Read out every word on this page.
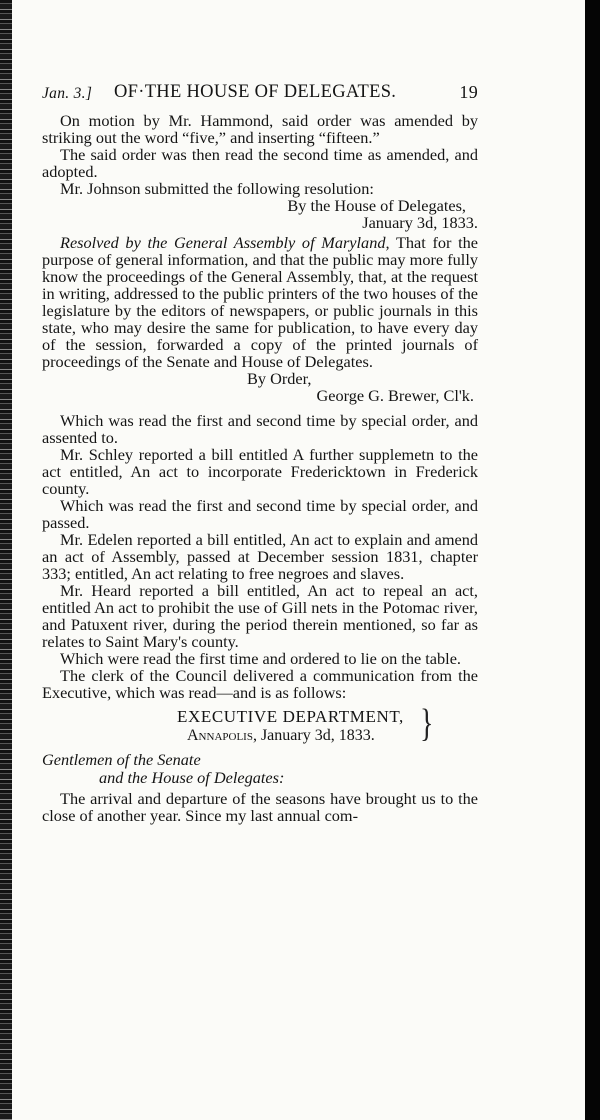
Jan. 3.] OF·THE HOUSE OF DELEGATES.	19

On motion by Mr. Hammond, said order was amended by striking out the word “five,” and inserting “fifteen.”

The said order was then read the second time as amended, and adopted.

Mr. Johnson submitted the following resolution:

By the House of Delegates,

January 3d, 1833.

Resolved by the General Assembly of Maryland, That for the purpose of general information, and that the public may more fully know the proceedings of the General Assembly, that, at the request in writing, addressed to the public printers of the two houses of the legislature by the editors of newspapers, or public journals in this state, who may desire the same for publication, to have every day of the session, forwarded a copy of the printed journals of proceedings of the Senate and House of Delegates.

By Order,

George G. Brewer, Cl'k.

Which was read the first and second time by special order, and assented to.

Mr. Schley reported a bill entitled A further supplemetn to the act entitled, An act to incorporate Fredericktown in Frederick county.

Which was read the first and second time by special order, and passed.

Mr. Edelen reported a bill entitled, An act to explain and amend an act of Assembly, passed at December session 1831, chapter 333; entitled, An act relating to free negroes and slaves.

Mr. Heard reported a bill entitled, An act to repeal an act, entitled An act to prohibit the use of Gill nets in the Potomac river, and Patuxent river, during the period therein mentioned, so far as relates to Saint Mary's county.

Which were read the first time and ordered to lie on the table.

The clerk of the Council delivered a communication from the Executive, which was read—and is as follows:

EXECUTIVE DEPARTMENT,
Annapolis, January 3d, 1833. }

Gentlemen of the Senate

and the House of Delegates:

The arrival and departure of the seasons have brought us to the close of another year. Since my last annual com-
